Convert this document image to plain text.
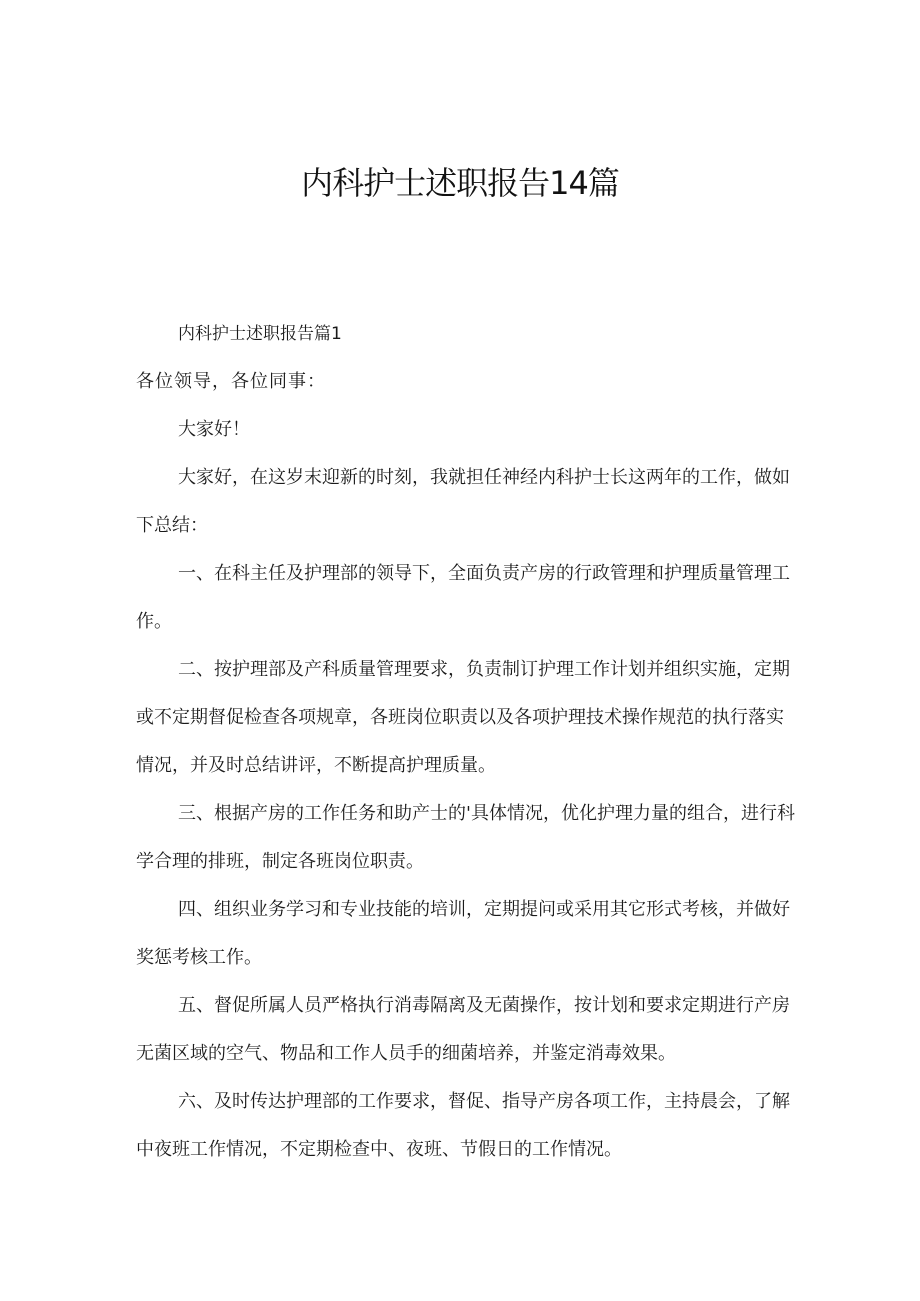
内科护士述职报告14篇

内科护士述职报告篇1

各位领导，各位同事：

大家好！

大家好，在这岁末迎新的时刻，我就担任神经内科护士长这两年的工作，做如下总结：

一、在科主任及护理部的领导下，全面负责产房的行政管理和护理质量管理工作。

二、按护理部及产科质量管理要求，负责制订护理工作计划并组织实施，定期或不定期督促检查各项规章，各班岗位职责以及各项护理技术操作规范的执行落实情况，并及时总结讲评，不断提高护理质量。

三、根据产房的工作任务和助产士的'具体情况，优化护理力量的组合，进行科学合理的排班，制定各班岗位职责。

四、组织业务学习和专业技能的培训，定期提问或采用其它形式考核，并做好奖惩考核工作。

五、督促所属人员严格执行消毒隔离及无菌操作，按计划和要求定期进行产房无菌区域的空气、物品和工作人员手的细菌培养，并鉴定消毒效果。

六、及时传达护理部的工作要求，督促、指导产房各项工作，主持晨会，了解中夜班工作情况，不定期检查中、夜班、节假日的工作情况。
